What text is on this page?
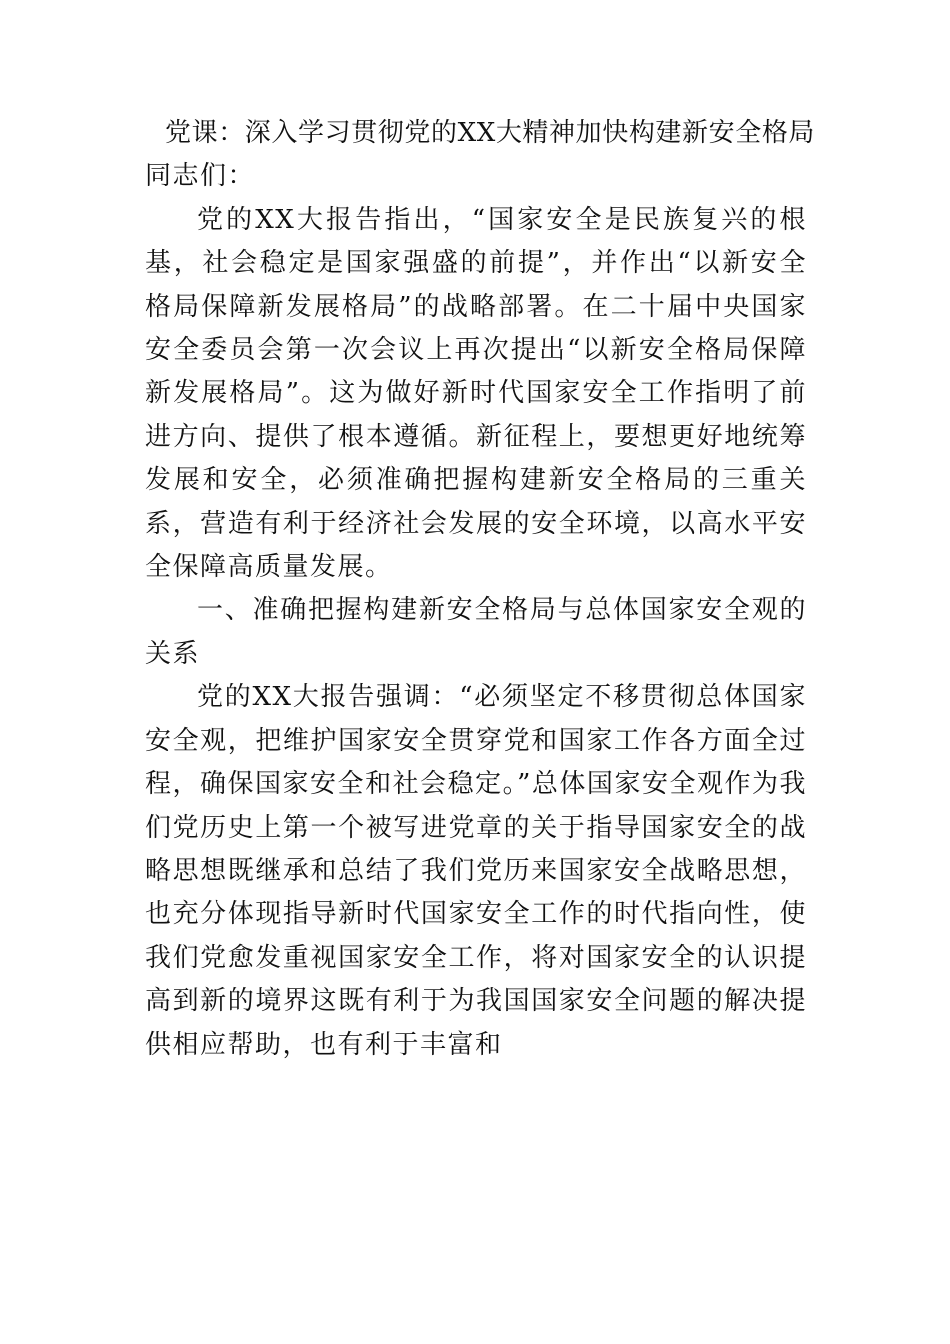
党课：深入学习贯彻党的XX大精神加快构建新安全格局

同志们：

党的XX大报告指出，“国家安全是民族复兴的根基，社会稳定是国家强盛的前提”，并作出“以新安全格局保障新发展格局”的战略部署。在二十届中央国家安全委员会第一次会议上再次提出“以新安全格局保障新发展格局”。这为做好新时代国家安全工作指明了前进方向、提供了根本遵循。新征程上，要想更好地统筹发展和安全，必须准确把握构建新安全格局的三重关系，营造有利于经济社会发展的安全环境，以高水平安全保障高质量发展。

一、准确把握构建新安全格局与总体国家安全观的关系

党的XX大报告强调：“必须坚定不移贯彻总体国家安全观，把维护国家安全贯穿党和国家工作各方面全过程，确保国家安全和社会稳定。”总体国家安全观作为我们党历史上第一个被写进党章的关于指导国家安全的战略思想既继承和总结了我们党历来国家安全战略思想，也充分体现指导新时代国家安全工作的时代指向性，使我们党愈发重视国家安全工作，将对国家安全的认识提高到新的境界这既有利于为我国国家安全问题的解决提供相应帮助，也有利于丰富和
